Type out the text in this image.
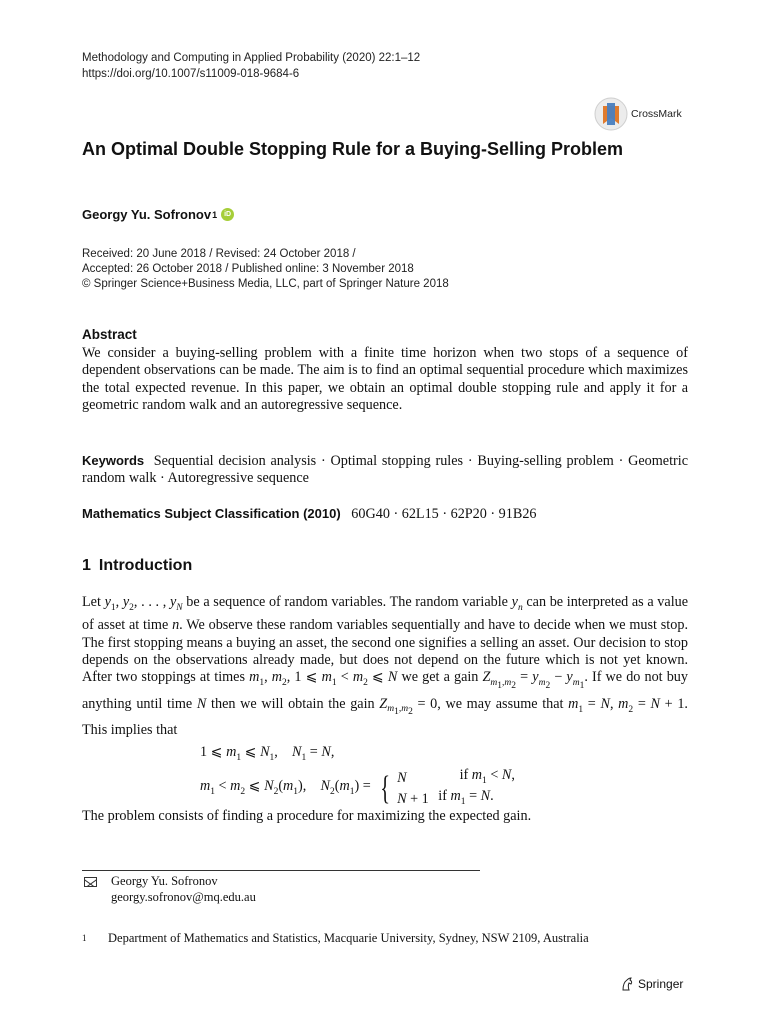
Methodology and Computing in Applied Probability (2020) 22:1–12
https://doi.org/10.1007/s11009-018-9684-6
CrossMark
An Optimal Double Stopping Rule for a Buying-Selling Problem
Georgy Yu. Sofronov 1	iD
Received: 20 June 2018 / Revised: 24 October 2018 /
Accepted: 26 October 2018 / Published online: 3 November 2018
© Springer Science+Business Media, LLC, part of Springer Nature 2018
Abstract
We consider a buying-selling problem with a finite time horizon when two stops of a sequence of dependent observations can be made. The aim is to find an optimal sequential procedure which maximizes the total expected revenue. In this paper, we obtain an optimal double stopping rule and apply it for a geometric random walk and an autoregressive sequence.
Keywords Sequential decision analysis · Optimal stopping rules · Buying-selling problem · Geometric random walk · Autoregressive sequence
Mathematics Subject Classification (2010) 60G40 · 62L15 · 62P20 · 91B26
1 Introduction

Let $y_1$, $y_2$, . . . , $y_N$ be a sequence of random variables. The random variable $y_n$ can be interpreted as a value of asset at time n. We observe these random variables sequentially and have to decide when we must stop. The first stopping means a buying an asset, the second one signifies a selling an asset. Our decision to stop depends on the observations already made, but does not depend on the future which is not yet known. After two stoppings at times $m_1$, $m_2$, 1 ⩽ $m_1 < m_2$ ⩽ N we get a gain $Z_{m_1,m_2} = y_{m_2} - y_{m_1}$. If we do not buy anything until time N then we will obtain the gain $Z_{m_1,m_2} = 0$, we may assume that $m_1 = N$, $m_2 = N + 1$. This implies that

1 ⩽ $m_1$ ⩽ $N_1$,    $N_1 = N$,
$m_1 < m_2$ ⩽ $N_2(m_1)$,    $N_2(m_1)$ = { N	if $m_1 < N$,
N + 1	if $m_1 = N$.
The problem consists of finding a procedure for maximizing the expected gain.
Georgy Yu. Sofronov
georgy.sofronov@mq.edu.au
1	Department of Mathematics and Statistics, Macquarie University, Sydney, NSW 2109, Australia
Springer
